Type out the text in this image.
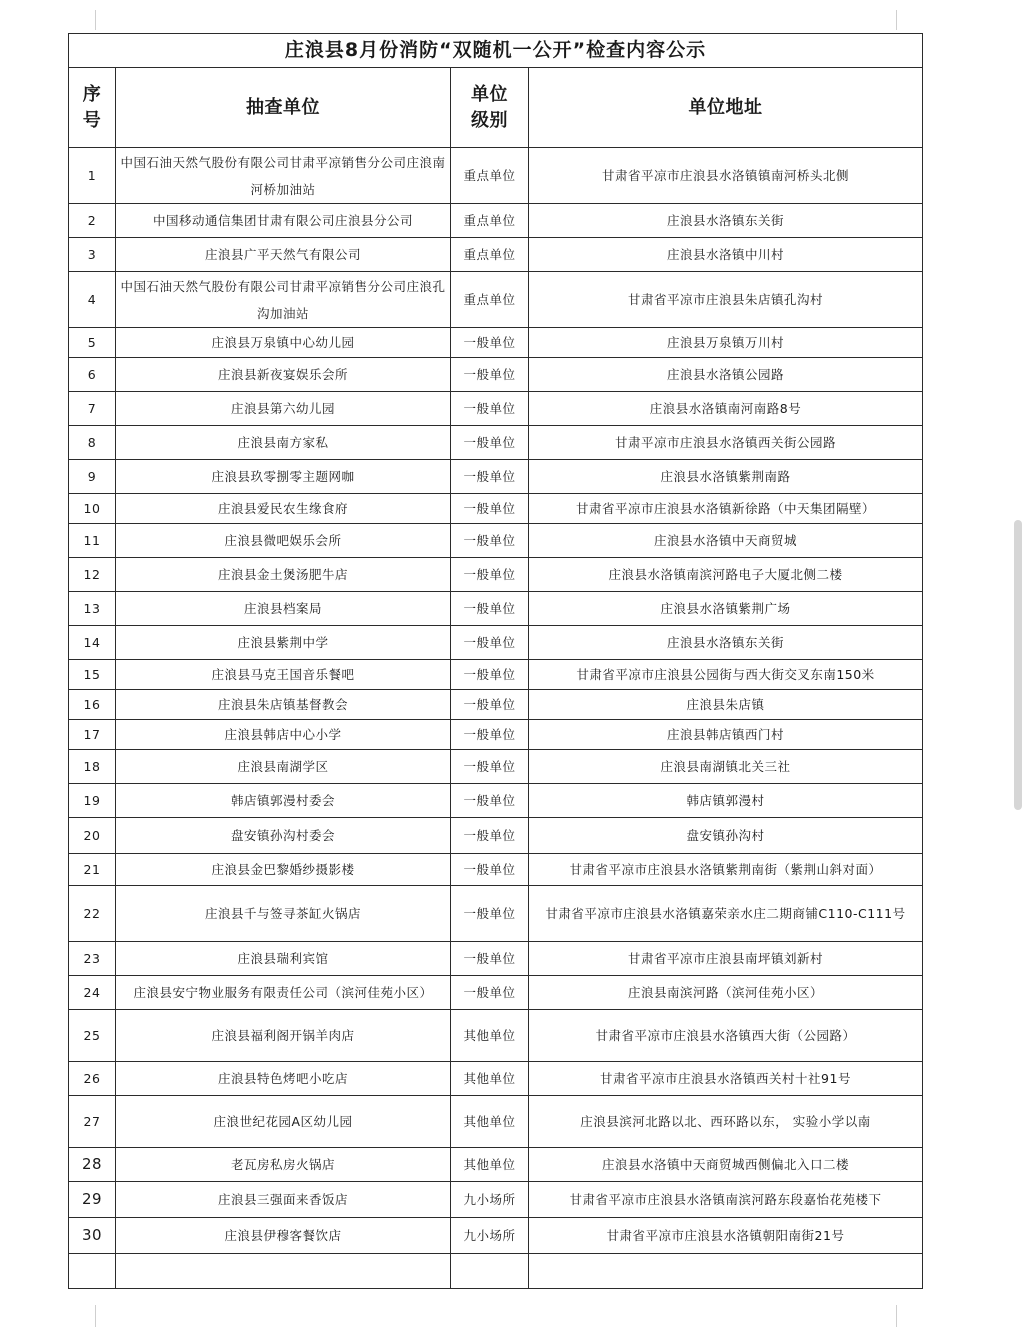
庄浪县8月份消防“双随机一公开”检查内容公示			

序号	抽查单位	单位级别	单位地址
1	中国石油天然气股份有限公司甘肃平凉销售分公司庄浪南河桥加油站	重点单位	甘肃省平凉市庄浪县水洛镇镇南河桥头北侧
2	中国移动通信集团甘肃有限公司庄浪县分公司	重点单位	庄浪县水洛镇东关街
3	庄浪县广平天然气有限公司	重点单位	庄浪县水洛镇中川村
4	中国石油天然气股份有限公司甘肃平凉销售分公司庄浪孔沟加油站	重点单位	甘肃省平凉市庄浪县朱店镇孔沟村
5	庄浪县万泉镇中心幼儿园	一般单位	庄浪县万泉镇万川村
6	庄浪县新夜宴娱乐会所	一般单位	庄浪县水洛镇公园路
7	庄浪县第六幼儿园	一般单位	庄浪县水洛镇南河南路8号
8	庄浪县南方家私	一般单位	甘肃平凉市庄浪县水洛镇西关街公园路
9	庄浪县玖零捌零主题网咖	一般单位	庄浪县水洛镇紫荆南路
10	庄浪县爱民农生缘食府	一般单位	甘肃省平凉市庄浪县水洛镇新徐路（中天集团隔壁）
11	庄浪县微吧娱乐会所	一般单位	庄浪县水洛镇中天商贸城
12	庄浪县金土煲汤肥牛店	一般单位	庄浪县水洛镇南滨河路电子大厦北侧二楼
13	庄浪县档案局	一般单位	庄浪县水洛镇紫荆广场
14	庄浪县紫荆中学	一般单位	庄浪县水洛镇东关街
15	庄浪县马克王国音乐餐吧	一般单位	甘肃省平凉市庄浪县公园街与西大街交叉东南150米
16	庄浪县朱店镇基督教会	一般单位	庄浪县朱店镇
17	庄浪县韩店中心小学	一般单位	庄浪县韩店镇西门村
18	庄浪县南湖学区	一般单位	庄浪县南湖镇北关三社
19	韩店镇郭漫村委会	一般单位	韩店镇郭漫村
20	盘安镇孙沟村委会	一般单位	盘安镇孙沟村
21	庄浪县金巴黎婚纱摄影楼	一般单位	甘肃省平凉市庄浪县水洛镇紫荆南街（紫荆山斜对面）
22	庄浪县千与签寻茶缸火锅店	一般单位	甘肃省平凉市庄浪县水洛镇嘉荣亲水庄二期商铺C110-C111号
23	庄浪县瑞利宾馆	一般单位	甘肃省平凉市庄浪县南坪镇刘新村
24	庄浪县安宁物业服务有限责任公司（滨河佳苑小区）	一般单位	庄浪县南滨河路（滨河佳苑小区）
25	庄浪县福利阁开锅羊肉店	其他单位	甘肃省平凉市庄浪县水洛镇西大街（公园路）
26	庄浪县特色烤吧小吃店	其他单位	甘肃省平凉市庄浪县水洛镇西关村十社91号
27	庄浪世纪花园A区幼儿园	其他单位	庄浪县滨河北路以北、西环路以东， 实验小学以南
28	老瓦房私房火锅店	其他单位	庄浪县水洛镇中天商贸城西侧偏北入口二楼
29	庄浪县三强面来香饭店	九小场所	甘肃省平凉市庄浪县水洛镇南滨河路东段嘉怡花苑楼下
30	庄浪县伊穆客餐饮店	九小场所	甘肃省平凉市庄浪县水洛镇朝阳南街21号
